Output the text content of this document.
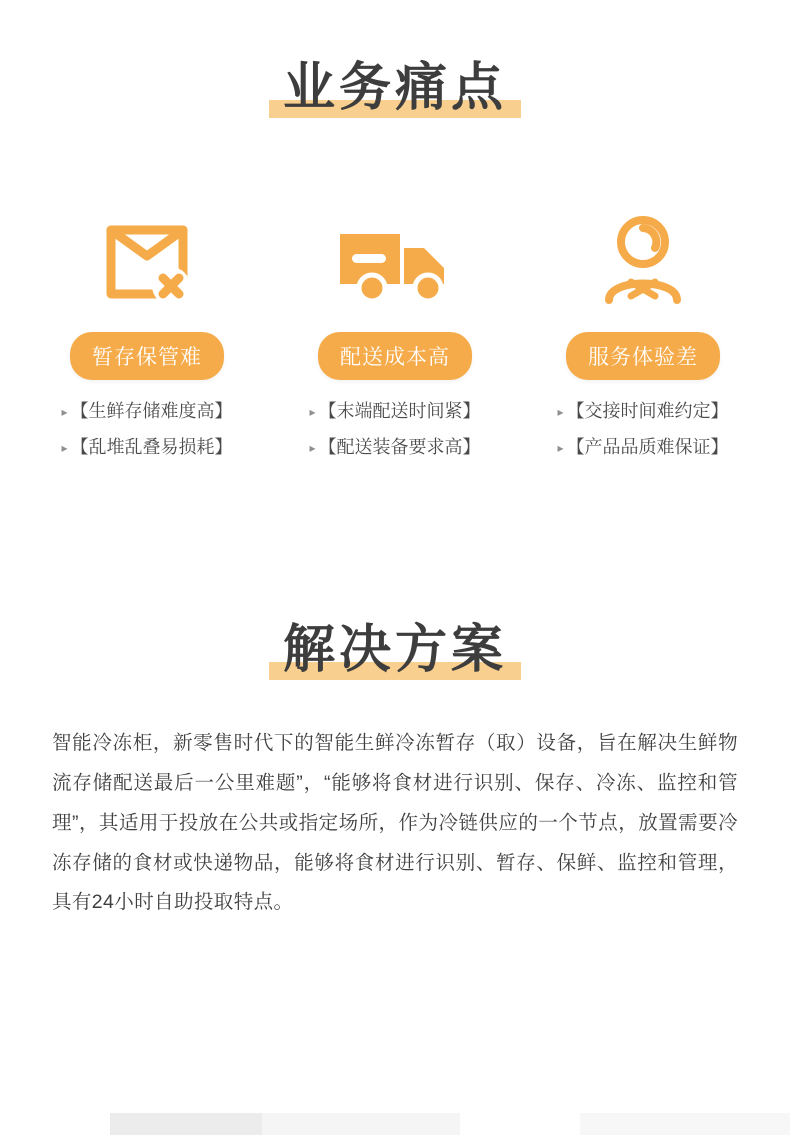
业务痛点
暂存保管难
▸ 【生鲜存储难度高】
▸ 【乱堆乱叠易损耗】
配送成本高
▸ 【末端配送时间紧】
▸ 【配送装备要求高】
服务体验差
▸ 【交接时间难约定】
▸ 【产品品质难保证】
解决方案

智能冷冻柜，新零售时代下的智能生鲜冷冻暂存（取）设备，旨在解决生鲜物流存储配送最后一公里难题”，“能够将食材进行识别、保存、冷冻、监控和管理”，其适用于投放在公共或指定场所，作为冷链供应的一个节点，放置需要冷冻存储的食材或快递物品，能够将食材进行识别、暂存、保鲜、监控和管理，具有24小时自助投取特点。
